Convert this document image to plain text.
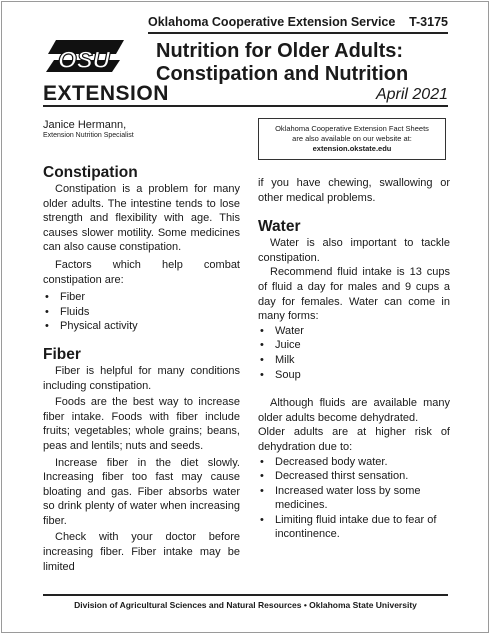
Oklahoma Cooperative Extension Service T-3175
OSU
EXTENSION
Nutrition for Older Adults:
Constipation and Nutrition
April 2021
Janice Hermann,
Extension Nutrition Specialist
Oklahoma Cooperative Extension Fact Sheets
are also available on our website at:
extension.okstate.edu
Constipation

Constipation is a problem for many older adults. The intestine tends to lose strength and flexibility with age. This causes slower motility. Some medicines can also cause constipation.

Factors which help combat constipation are:

• Fiber
• Fluids
• Physical activity
Fiber

Fiber is helpful for many conditions including constipation.

Foods are the best way to increase fiber intake. Foods with fiber include fruits; vegetables; whole grains; beans, peas and lentils; nuts and seeds.

Increase fiber in the diet slowly. Increasing fiber too fast may cause bloating and gas. Fiber absorbs water so drink plenty of water when increasing fiber.

Check with your doctor before increasing fiber. Fiber intake may be limited

if you have chewing, swallowing or other medical problems.

Water

Water is also important to tackle constipation.

Recommend fluid intake is 13 cups of fluid a day for males and 9 cups a day for females. Water can come in many forms:

• Water
• Juice
• Milk
• Soup

Although fluids are available many older adults become dehydrated.

Older adults are at higher risk of dehydration due to:

• Decreased body water.
• Decreased thirst sensation.
• Increased water loss by some medicines.
• Limiting fluid intake due to fear of incontinence.
Division of Agricultural Sciences and Natural Resources • Oklahoma State University
